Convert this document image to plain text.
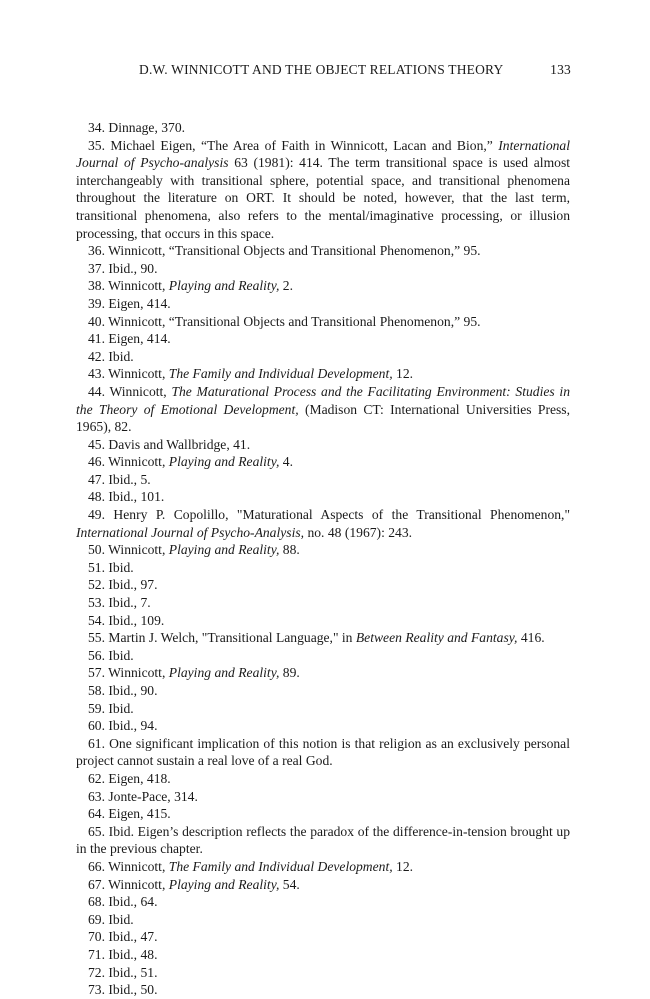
D.W. WINNICOTT AND THE OBJECT RELATIONS THEORY	133

34. Dinnage, 370.

35. Michael Eigen, “The Area of Faith in Winnicott, Lacan and Bion,” International Journal of Psycho-analysis 63 (1981): 414. The term transitional space is used almost interchangeably with transitional sphere, potential space, and transitional phenomena throughout the literature on ORT. It should be noted, however, that the last term, transitional phenomena, also refers to the mental/imaginative processing, or illusion processing, that occurs in this space.

36. Winnicott, “Transitional Objects and Transitional Phenomenon,” 95.

37. Ibid., 90.

38. Winnicott, Playing and Reality, 2.

39. Eigen, 414.

40. Winnicott, “Transitional Objects and Transitional Phenomenon,” 95.

41. Eigen, 414.

42. Ibid.

43. Winnicott, The Family and Individual Development, 12.

44. Winnicott, The Maturational Process and the Facilitating Environment: Studies in the Theory of Emotional Development, (Madison CT: International Universities Press, 1965), 82.

45. Davis and Wallbridge, 41.

46. Winnicott, Playing and Reality, 4.

47. Ibid., 5.

48. Ibid., 101.

49. Henry P. Copolillo, "Maturational Aspects of the Transitional Phenomenon," International Journal of Psycho-Analysis, no. 48 (1967): 243.

50. Winnicott, Playing and Reality, 88.

51. Ibid.

52. Ibid., 97.

53. Ibid., 7.

54. Ibid., 109.

55. Martin J. Welch, "Transitional Language," in Between Reality and Fantasy, 416.

56. Ibid.

57. Winnicott, Playing and Reality, 89.

58. Ibid., 90.

59. Ibid.

60. Ibid., 94.

61. One significant implication of this notion is that religion as an exclusively personal project cannot sustain a real love of a real God.

62. Eigen, 418.

63. Jonte-Pace, 314.

64. Eigen, 415.

65. Ibid. Eigen’s description reflects the paradox of the difference-in-tension brought up in the previous chapter.

66. Winnicott, The Family and Individual Development, 12.

67. Winnicott, Playing and Reality, 54.

68. Ibid., 64.

69. Ibid.

70. Ibid., 47.

71. Ibid., 48.

72. Ibid., 51.

73. Ibid., 50.
